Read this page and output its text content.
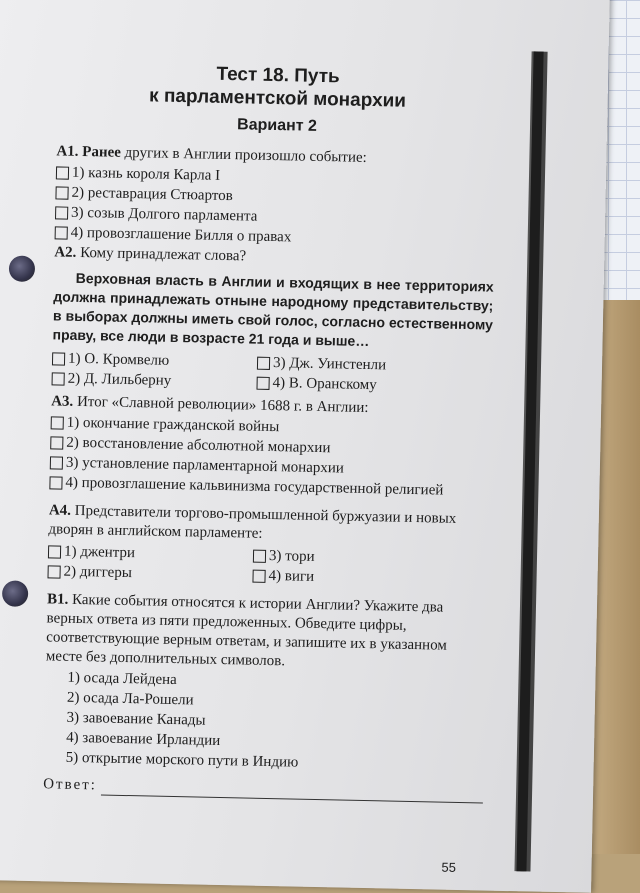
Тест 18. Путь
к парламентской монархии
Вариант 2
А1. Ранее других в Англии произошло событие:
1) казнь короля Карла I
2) реставрация Стюартов
3) созыв Долгого парламента
4) провозглашение Билля о правах
А2. Кому принадлежат слова?
Верховная власть в Англии и входящих в нее территориях должна принадлежать отныне народному представительству; в выборах должны иметь свой голос, согласно естественному праву, все люди в возрасте 21 года и выше…
1) О. Кромвелю
2) Д. Лильберну
3) Дж. Уинстенли
4) В. Оранскому
А3. Итог «Славной революции» 1688 г. в Англии:
1) окончание гражданской войны
2) восстановление абсолютной монархии
3) установление парламентарной монархии
4) провозглашение кальвинизма государственной религией
А4. Представители торгово-промышленной буржуазии и новых дворян в английском парламенте:
1) джентри
2) диггеры
3) тори
4) виги
В1. Какие события относятся к истории Англии? Укажите два верных ответа из пяти предложенных. Обведите цифры, соответствующие верным ответам, и запишите их в указанном месте без дополнительных символов.
1) осада Лейдена
2) осада Ла-Рошели
3) завоевание Канады
4) завоевание Ирландии
5) открытие морского пути в Индию
Ответ:
55
